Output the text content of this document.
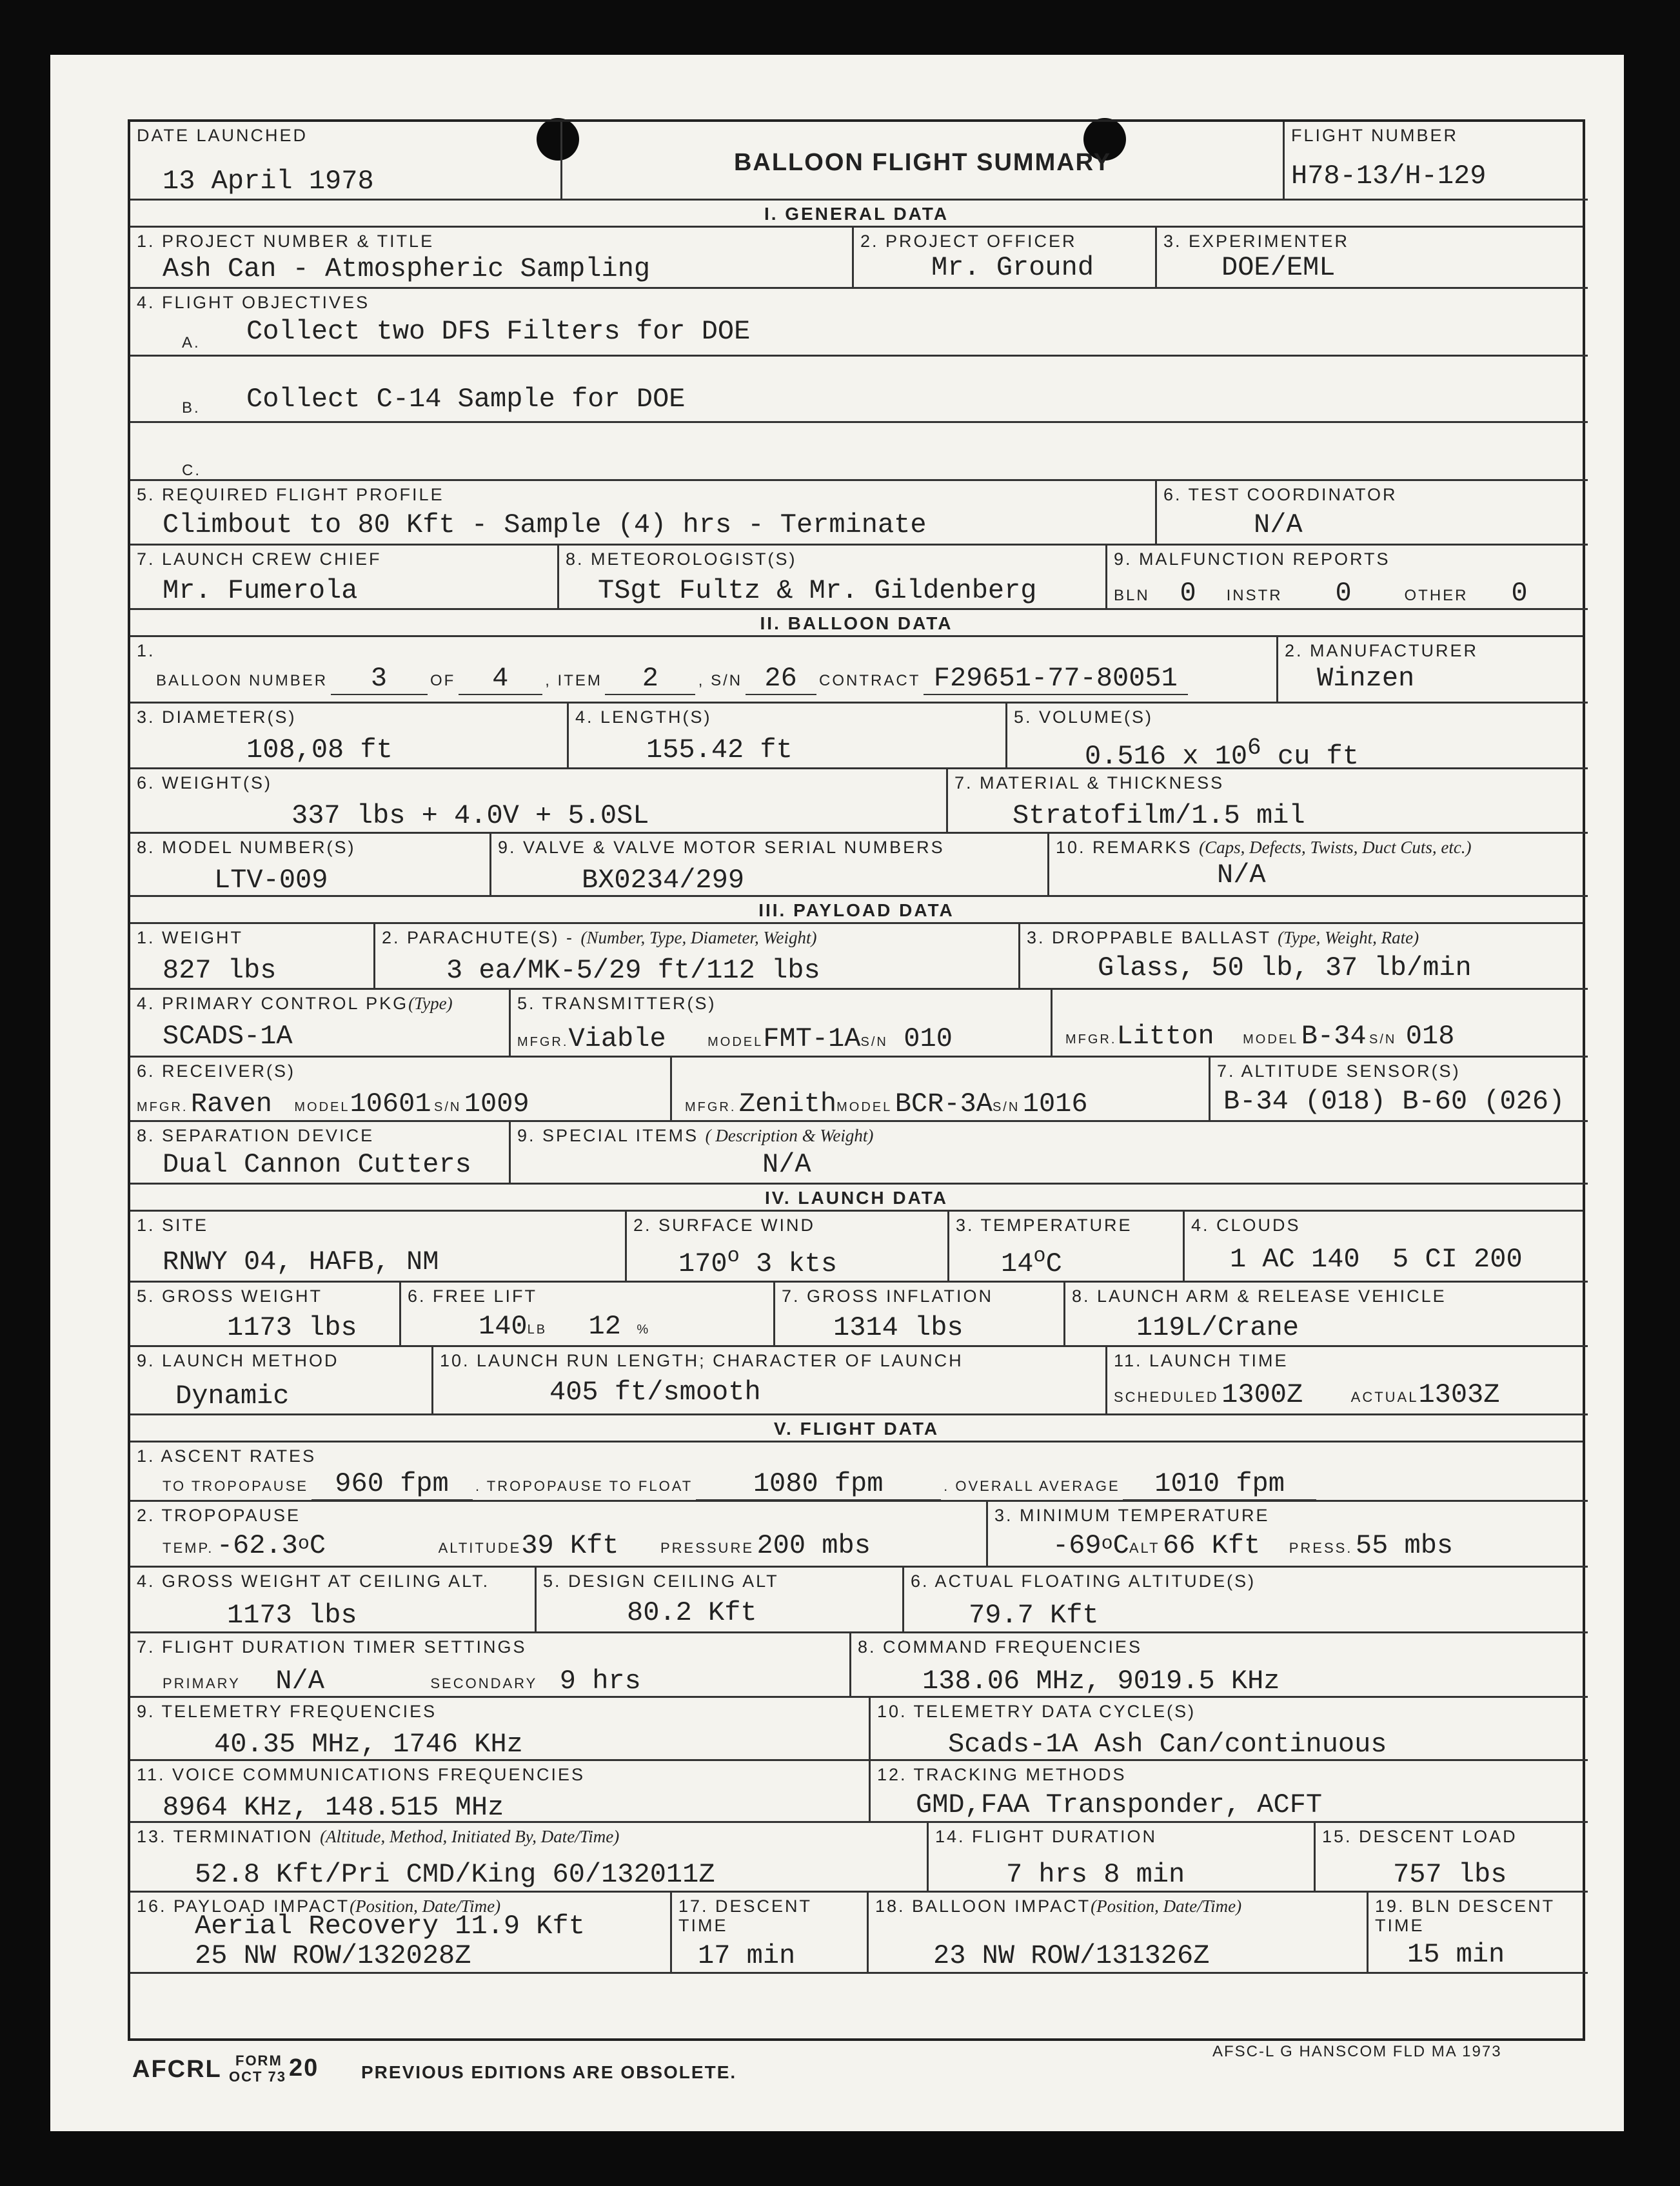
DATE LAUNCHED
13 April 1978
BALLOON FLIGHT SUMMARY
FLIGHT NUMBER
H78-13/H-129
I. GENERAL DATA
1. PROJECT NUMBER & TITLE
Ash Can - Atmospheric Sampling
2. PROJECT OFFICER
Mr. Ground
3. EXPERIMENTER
DOE/EML
4. FLIGHT OBJECTIVES
A. Collect two DFS Filters for DOE
B. Collect C-14 Sample for DOE
C.
5. REQUIRED FLIGHT PROFILE
Climbout to 80 Kft - Sample (4) hrs - Terminate
6. TEST COORDINATOR
N/A
7. LAUNCH CREW CHIEF
Mr. Fumerola
8. METEOROLOGIST(S)
TSgt Fultz & Mr. Gildenberg
9. MALFUNCTION REPORTS
BLN 0 INSTR 0	OTHER 0
II. BALLOON DATA
1.
BALLOON NUMBER 3	OF 4 , ITEM 2	, S/N 26 CONTRACT F29651-77-80051
2. MANUFACTURER
Winzen
3. DIAMETER(S)
108,08 ft
4. LENGTH(S)
155.42 ft
5. VOLUME(S)
0.516 x $10^6$ cu ft
6. WEIGHT(S)
337 lbs + 4.0V + 5.0SL
7. MATERIAL & THICKNESS
Stratofilm/1.5 mil
8. MODEL NUMBER(S)
LTV-009
9. VALVE & VALVE MOTOR SERIAL NUMBERS
BX0234/299
10. REMARKS (Caps, Defects, Twists, Duct Cuts, etc.)
N/A
III. PAYLOAD DATA
1. WEIGHT
827 lbs
2. PARACHUTE(S) - (Number, Type, Diameter, Weight)
3 ea/MK-5/29 ft/112 lbs
3. DROPPABLE BALLAST (Type, Weight, Rate)
Glass, 50 lb, 37 lb/min
4. PRIMARY CONTROL PKG(Type)
SCADS-1A
5. TRANSMITTER(S)
MFGR.Viable	MODELFMT-1AS/N 010	MFGR.Litton MODEL B-34 S/N 018
6. RECEIVER(S)
MFGR. Raven MODEL10601 S/N 1009	MFGR. ZenithMODEL BCR-3AS/N 1016
7. ALTITUDE SENSOR(S)
B-34 (018) B-60 (026)
8. SEPARATION DEVICE
Dual Cannon Cutters
9. SPECIAL ITEMS ( Description & Weight)
N/A
IV. LAUNCH DATA
1. SITE
RNWY 04, HAFB, NM
2. SURFACE WIND
170$^o$ 3 kts
3. TEMPERATURE
14$^o$C
4. CLOUDS
1 AC 140  5 CI 200
5. GROSS WEIGHT
1173 lbs
6. FREE LIFT
140LB 12 %
7. GROSS INFLATION
1314 lbs
8. LAUNCH ARM & RELEASE VEHICLE
119L/Crane
9. LAUNCH METHOD
Dynamic
10. LAUNCH RUN LENGTH; CHARACTER OF LAUNCH
405 ft/smooth
11. LAUNCH TIME
SCHEDULED 1300Z	ACTUAL1303Z
V. FLIGHT DATA
1. ASCENT RATES
TO TROPOPAUSE 960 fpm . TROPOPAUSE TO FLOAT 1080 fpm	. OVERALL AVERAGE 1010 fpm
2. TROPOPAUSE
TEMP. -62.3$^o$C	ALTITUDE39 Kft	PRESSURE 200 mbs
3. MINIMUM TEMPERATURE
-69$^o$CALT 66 Kft PRESS. 55 mbs
4. GROSS WEIGHT AT CEILING ALT.
1173 lbs
5. DESIGN CEILING ALT
80.2 Kft
6. ACTUAL FLOATING ALTITUDE(S)
79.7 Kft
7. FLIGHT DURATION TIMER SETTINGS
PRIMARY N/A	SECONDARY 9 hrs
8. COMMAND FREQUENCIES
138.06 MHz, 9019.5 KHz
9. TELEMETRY FREQUENCIES
40.35 MHz, 1746 KHz
10. TELEMETRY DATA CYCLE(S)
Scads-1A Ash Can/continuous
11. VOICE COMMUNICATIONS FREQUENCIES
8964 KHz, 148.515 MHz
12. TRACKING METHODS
GMD,FAA Transponder, ACFT
13. TERMINATION (Altitude, Method, Initiated By, Date/Time)
52.8 Kft/Pri CMD/King 60/132011Z
14. FLIGHT DURATION
7 hrs 8 min
15. DESCENT LOAD
757 lbs
16. PAYLOAD IMPACT(Position, Date/Time)
Aerial Recovery 11.9 Kft
25 NW ROW/132028Z
17. DESCENT
TIME
17 min
18. BALLOON IMPACT(Position, Date/Time)
23 NW ROW/131326Z
19. BLN DESCENT
TIME
15 min
AFCRL FORM
OCT 73 20 PREVIOUS EDITIONS ARE OBSOLETE.
AFSC-L G HANSCOM FLD MA 1973
